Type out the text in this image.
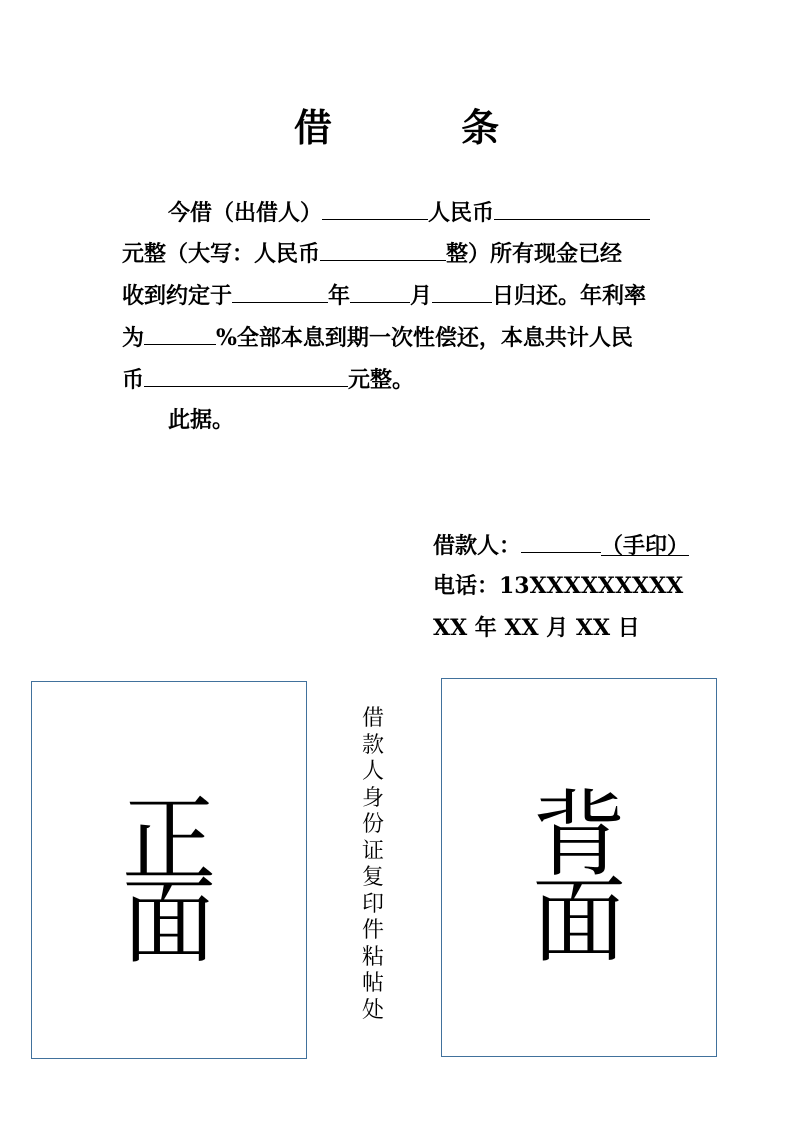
借 条
今借（出借人）	人民币
元整（大写：人民币	整）所有现金已经
收到约定于	年	月	日归还。年利率
为	%全部本息到期一次性偿还，本息共计人民
币	元整。
此据。
借款人：	（手印）
电话：13XXXXXXXXX
XX 年 XX 月 XX 日
正
面
借
款
人
身
份
证
复
印
件
粘
帖
处
背
面
